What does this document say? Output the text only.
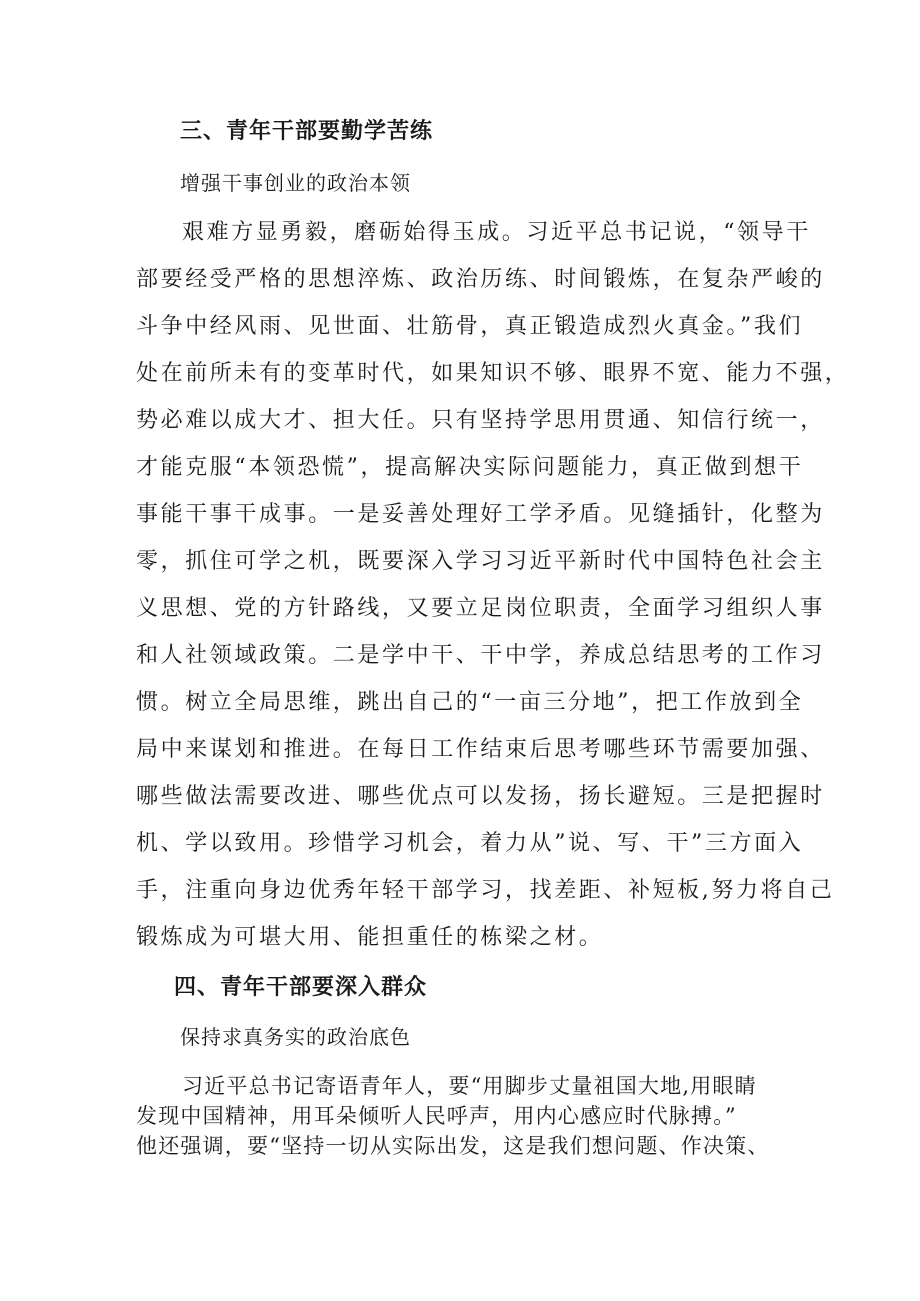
三、青年干部要勤学苦练

增强干事创业的政治本领

艰难方显勇毅，磨砺始得玉成。习近平总书记说，“领导干

部要经受严格的思想淬炼、政治历练、时间锻炼，在复杂严峻的

斗争中经风雨、见世面、壮筋骨，真正锻造成烈火真金。”我们

处在前所未有的变革时代，如果知识不够、眼界不宽、能力不强，

势必难以成大才、担大任。只有坚持学思用贯通、知信行统一，

才能克服“本领恐慌”，提高解决实际问题能力，真正做到想干

事能干事干成事。一是妥善处理好工学矛盾。见缝插针，化整为

零，抓住可学之机，既要深入学习习近平新时代中国特色社会主

义思想、党的方针路线，又要立足岗位职责，全面学习组织人事

和人社领域政策。二是学中干、干中学，养成总结思考的工作习

惯。树立全局思维，跳出自己的“一亩三分地”，把工作放到全

局中来谋划和推进。在每日工作结束后思考哪些环节需要加强、

哪些做法需要改进、哪些优点可以发扬，扬长避短。三是把握时

机、学以致用。珍惜学习机会，着力从”说、写、干”三方面入

手，注重向身边优秀年轻干部学习，找差距、补短板,努力将自己

锻炼成为可堪大用、能担重任的栋梁之材。

四、青年干部要深入群众

保持求真务实的政治底色

习近平总书记寄语青年人，要“用脚步丈量祖国大地,用眼睛

发现中国精神，用耳朵倾听人民呼声，用内心感应时代脉搏。”

他还强调，要“坚持一切从实际出发，这是我们想问题、作决策、
